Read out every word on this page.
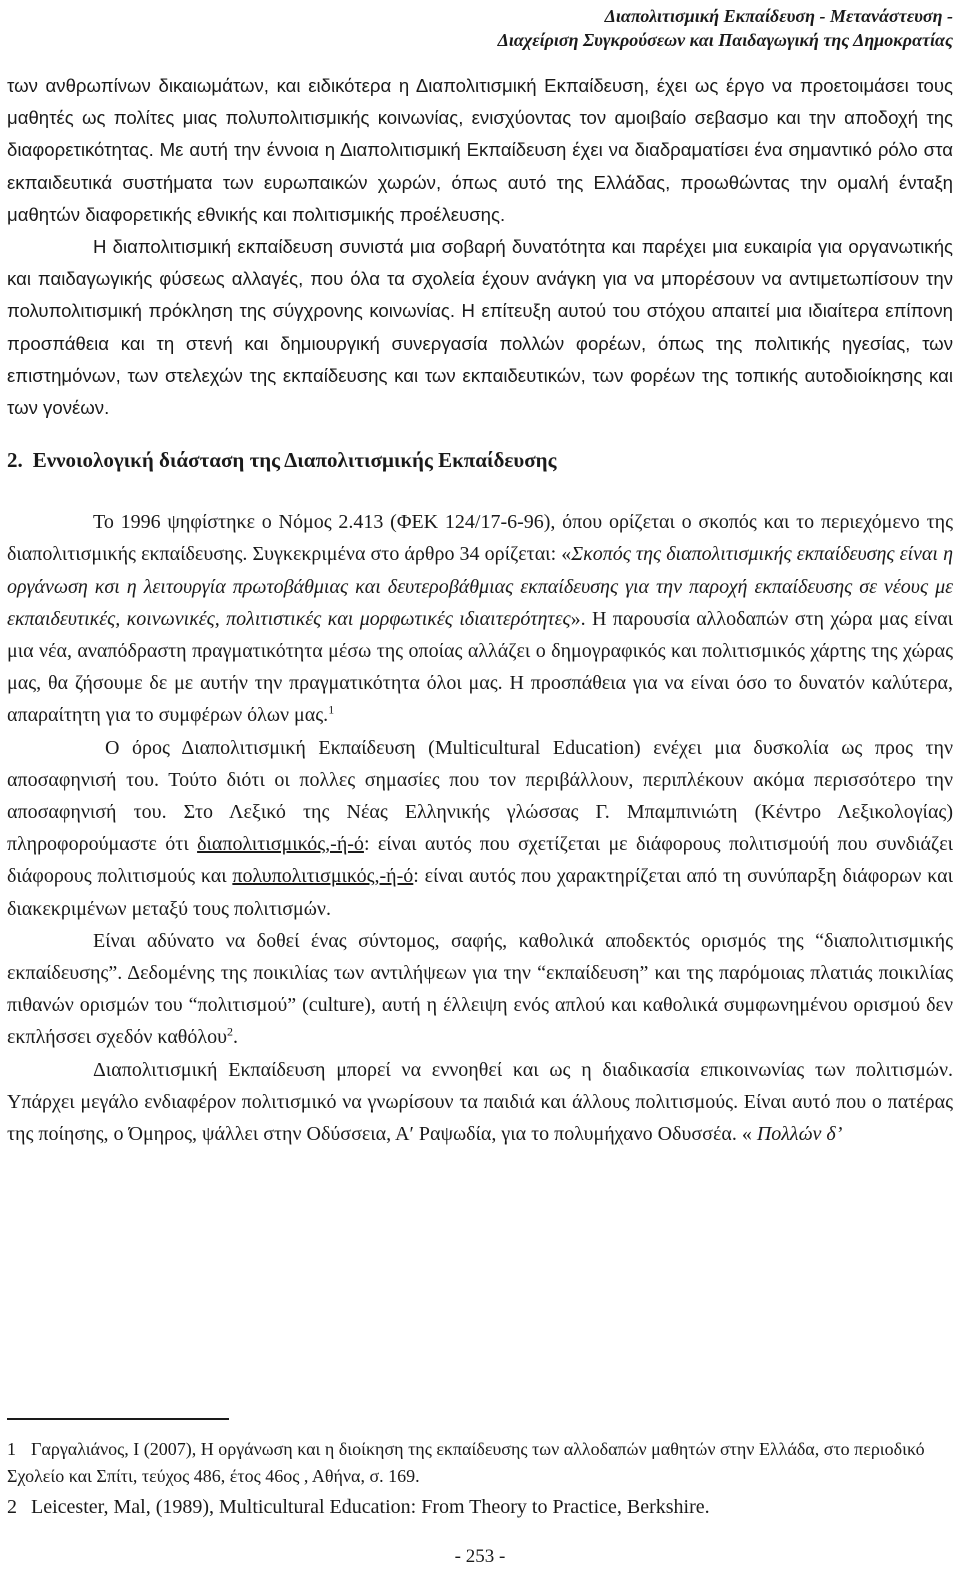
Διαπολιτισμική Εκπαίδευση - Μετανάστευση -
Διαχείριση Συγκρούσεων και Παιδαγωγική της Δημοκρατίας

των ανθρωπίνων δικαιωμάτων, και ειδικότερα η Διαπολιτισμική Εκπαίδευση, έχει ως έργο να προετοιμάσει τους μαθητές ως πολίτες μιας πολυπολιτισμικής κοινωνίας, ενισχύοντας τον αμοιβαίο σεβασμο και την αποδοχή της διαφορετικότητας. Με αυτή την έννοια η Διαπολιτισμική Εκπαίδευση έχει να διαδραματίσει ένα σημαντικό ρόλο στα εκπαιδευτικά συστήματα των ευρωπαικών χωρών, όπως αυτό της Ελλάδας, προωθώντας την ομαλή ένταξη μαθητών διαφορετικής εθνικής και πολιτισμικής προέλευσης.

Η διαπολιτισμική εκπαίδευση συνιστά μια σοβαρή δυνατότητα και παρέχει μια ευκαιρία για οργανωτικής και παιδαγωγικής φύσεως αλλαγές, που όλα τα σχολεία έχουν ανάγκη για να μπορέσουν να αντιμετωπίσουν την πολυπολιτισμική πρόκληση της σύγχρονης κοινωνίας. Η επίτευξη αυτού του στόχου απαιτεί μια ιδιαίτερα επίπονη προσπάθεια και τη στενή και δημιουργική συνεργασία πολλών φορέων, όπως της πολιτικής ηγεσίας, των επιστημόνων, των στελεχών της εκπαίδευσης και των εκπαιδευτικών, των φορέων της τοπικής αυτοδιοίκησης και των γονέων.

2. Εννοιολογική διάσταση της Διαπολιτισμικής Εκπαίδευσης

Το 1996 ψηφίστηκε ο Νόμος 2.413 (ΦΕΚ 124/17-6-96), όπου ορίζεται ο σκοπός και το περιεχόμενο της διαπολιτισμικής εκπαίδευσης. Συγκεκριμένα στο άρθρο 34 ορίζεται: «Σκοπός της διαπολιτισμικής εκπαίδευσης είναι η οργάνωση κσι η λειτουργία πρωτοβάθμιας και δευτεροβάθμιας εκπαίδευσης για την παροχή εκπαίδευσης σε νέους με εκπαιδευτικές, κοινωνικές, πολιτιστικές και μορφωτικές ιδιαιτερότητες». Η παρουσία αλλοδαπών στη χώρα μας είναι μια νέα, αναπόδραστη πραγματικότητα μέσω της οποίας αλλάζει ο δημογραφικός και πολιτισμικός χάρτης της χώρας μας, θα ζήσουμε δε με αυτήν την πραγματικότητα όλοι μας. Η προσπάθεια για να είναι όσο το δυνατόν καλύτερα, απαραίτητη για το συμφέρων όλων μας.$^1$

Ο όρος Διαπολιτισμική Εκπαίδευση (Multicultural Education) ενέχει μια δυσκολία ως προς την αποσαφηνισή του. Τούτο διότι οι πολλες σημασίες που τον περιβάλλουν, περιπλέκουν ακόμα περισσότερο την αποσαφηνισή του. Στο Λεξικό της Νέας Ελληνικής γλώσσας Γ. Μπαμπινιώτη (Κέντρο Λεξικολογίας) πληροφορούμαστε ότι διαπολιτισμικός,-ή-ό: είναι αυτός που σχετίζεται με διάφορους πολιτισμούή που συνδιάζει διάφορους πολιτισμούς και πολυπολιτισμικός,-ή-ό: είναι αυτός που χαρακτηρίζεται από τη συνύπαρξη διάφορων και διακεκριμένων μεταξύ τους πολιτισμών.

Είναι αδύνατο να δοθεί ένας σύντομος, σαφής, καθολικά αποδεκτός ορισμός της “διαπολιτισμικής εκπαίδευσης”. Δεδομένης της ποικιλίας των αντιλήψεων για την “εκπαίδευση” και της παρόμοιας πλατιάς ποικιλίας πιθανών ορισμών του “πολιτισμού” (culture), αυτή η έλλειψη ενός απλού και καθολικά συμφωνημένου ορισμού δεν εκπλήσσει σχεδόν καθόλου$^2$.

Διαπολιτισμική Εκπαίδευση μπορεί να εννοηθεί και ως η διαδικασία επικοινωνίας των πολιτισμών. Υπάρχει μεγάλο ενδιαφέρον πολιτισμικό να γνωρίσουν τα παιδιά και άλλους πολιτισμούς. Είναι αυτό που ο πατέρας της ποίησης, ο Όμηρος, ψάλλει στην Οδύσσεια, Α′ Ραψωδία, για το πολυμήχανο Οδυσσέα. « Πολλών δ’

1 Γαργαλιάνος, Ι (2007), Η οργάνωση και η διοίκηση της εκπαίδευσης των αλλοδαπών μαθητών στην Ελλάδα, στο περιοδικό Σχολείο και Σπίτι, τεύχος 486, έτος 46ος , Αθήνα, σ. 169.

2 Leicester, Mal, (1989), Multicultural Education: From Theory to Practice, Berkshire.

- 253 -
